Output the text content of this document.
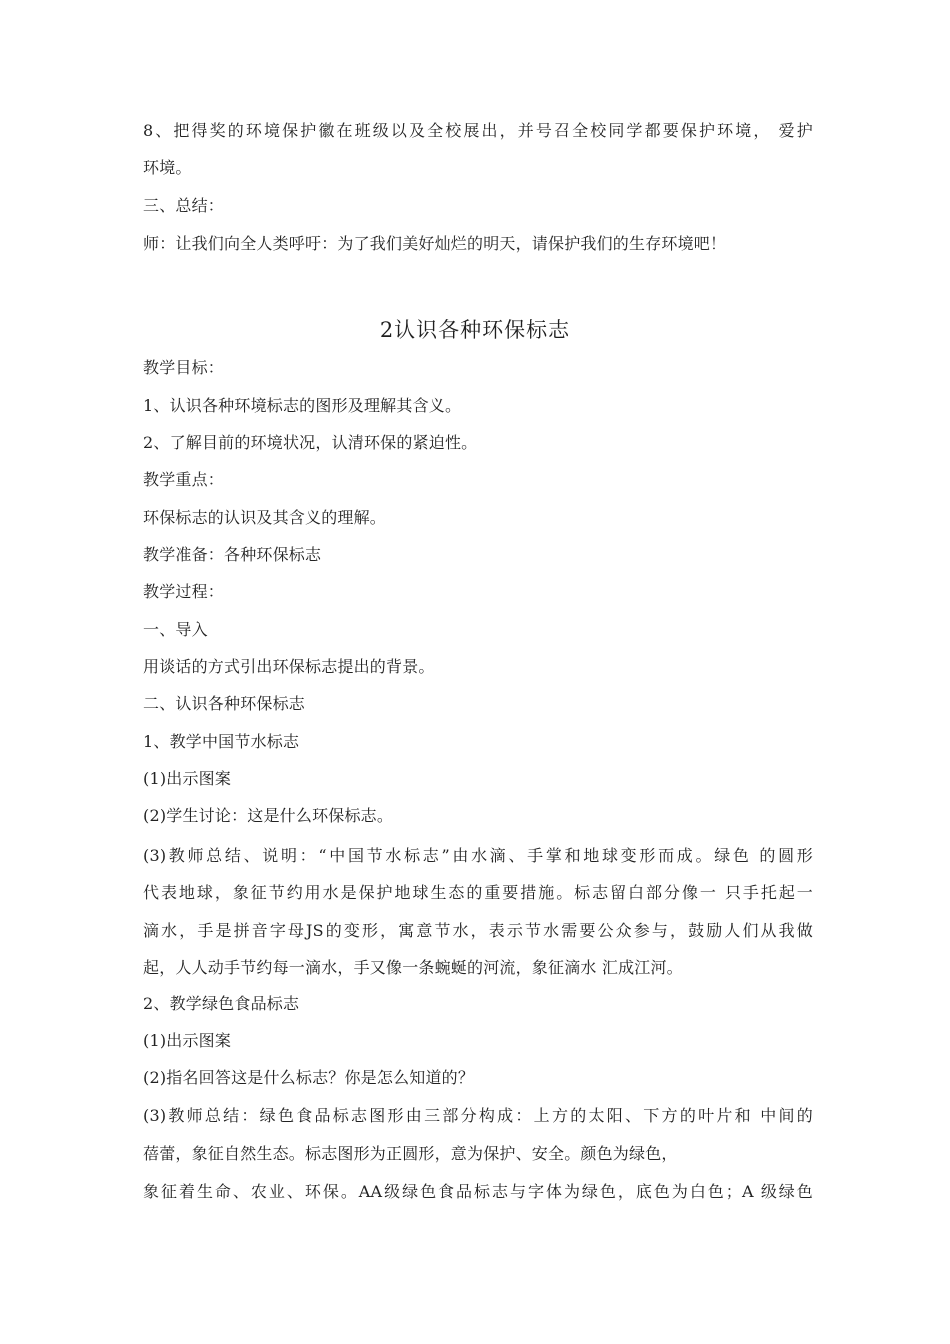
8、把得奖的环境保护徽在班级以及全校展出，并号召全校同学都要保护环境， 爱护
环境。
三、总结：
师：让我们向全人类呼吁：为了我们美好灿烂的明天，请保护我们的生存环境吧！
2认识各种环保标志
教学目标：
1、认识各种环境标志的图形及理解其含义。
2、了解目前的环境状况，认清环保的紧迫性。
教学重点：
环保标志的认识及其含义的理解。
教学准备：各种环保标志
教学过程：
一、导入
用谈话的方式引出环保标志提出的背景。
二、认识各种环保标志
1、教学中国节水标志
(1)出示图案
(2)学生讨论：这是什么环保标志。
(3)教师总结、说明：“中国节水标志”由水滴、手掌和地球变形而成。绿色 的圆形
代表地球，象征节约用水是保护地球生态的重要措施。标志留白部分像一 只手托起一
滴水，手是拼音字母JS的变形，寓意节水，表示节水需要公众参与，鼓励人们从我做
起，人人动手节约每一滴水，手又像一条蜿蜒的河流，象征滴水 汇成江河。
2、教学绿色食品标志
(1)出示图案
(2)指名回答这是什么标志？你是怎么知道的？
(3)教师总结：绿色食品标志图形由三部分构成：上方的太阳、下方的叶片和 中间的
蓓蕾，象征自然生态。标志图形为正圆形，意为保护、安全。颜色为绿色，
象征着生命、农业、环保。AA级绿色食品标志与字体为绿色，底色为白色；A 级绿色
